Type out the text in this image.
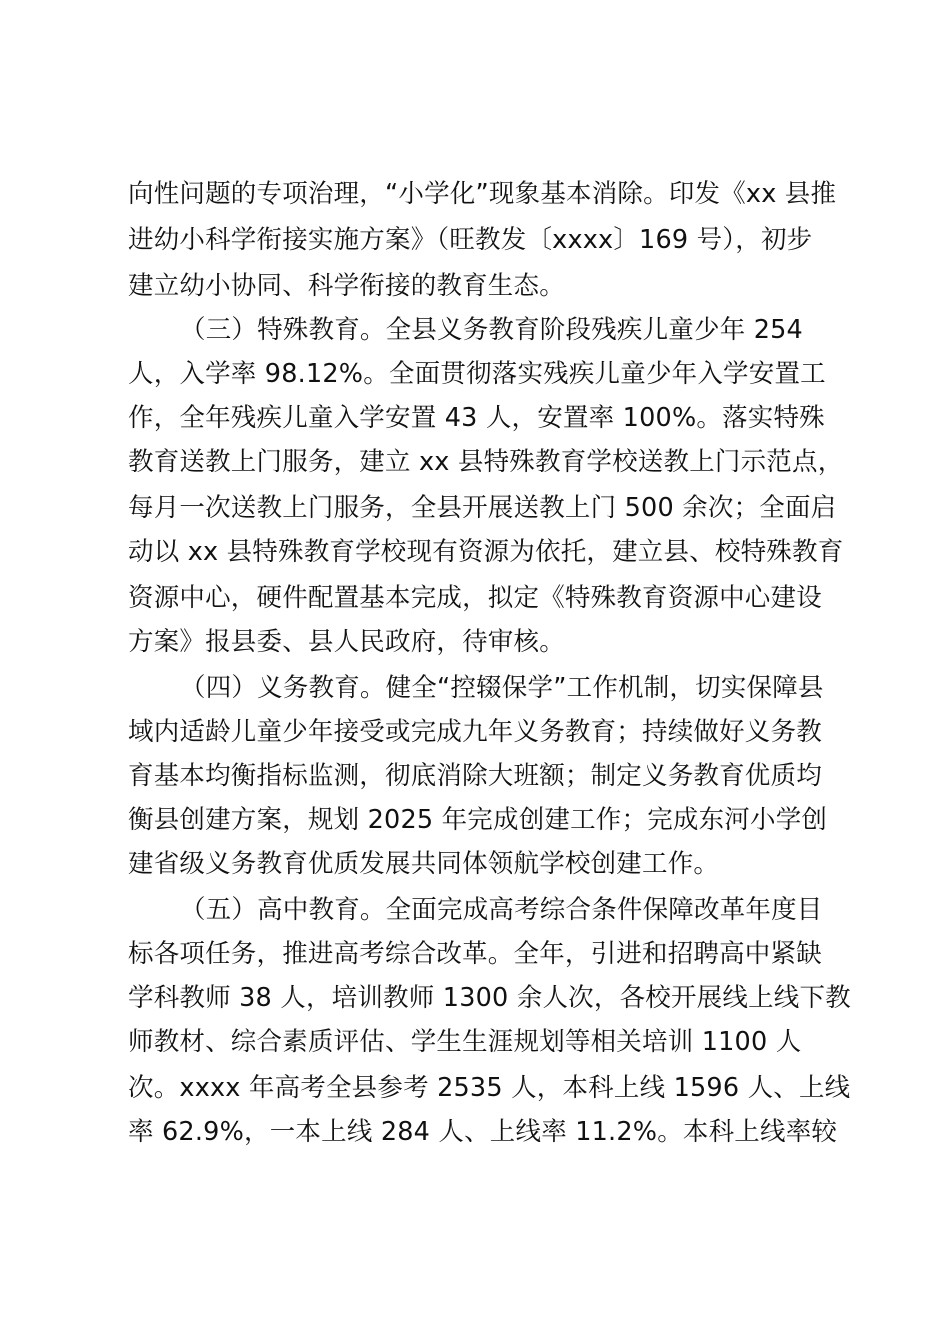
向性问题的专项治理，“小学化”现象基本消除。印发《xx 县推
进幼小科学衔接实施方案》（旺教发〔xxxx〕169 号），初步
建立幼小协同、科学衔接的教育生态。
（三）特殊教育。全县义务教育阶段残疾儿童少年 254
人，入学率 98.12%。全面贯彻落实残疾儿童少年入学安置工
作，全年残疾儿童入学安置 43 人，安置率 100%。落实特殊
教育送教上门服务，建立 xx 县特殊教育学校送教上门示范点，
每月一次送教上门服务，全县开展送教上门 500 余次；全面启
动以 xx 县特殊教育学校现有资源为依托，建立县、校特殊教育
资源中心，硬件配置基本完成，拟定《特殊教育资源中心建设
方案》报县委、县人民政府，待审核。
（四）义务教育。健全“控辍保学”工作机制，切实保障县
域内适龄儿童少年接受或完成九年义务教育；持续做好义务教
育基本均衡指标监测，彻底消除大班额；制定义务教育优质均
衡县创建方案，规划 2025 年完成创建工作；完成东河小学创
建省级义务教育优质发展共同体领航学校创建工作。
（五）高中教育。全面完成高考综合条件保障改革年度目
标各项任务，推进高考综合改革。全年，引进和招聘高中紧缺
学科教师 38 人，培训教师 1300 余人次，各校开展线上线下教
师教材、综合素质评估、学生生涯规划等相关培训 1100 人
次。xxxx 年高考全县参考 2535 人，本科上线 1596 人、上线
率 62.9%，一本上线 284 人、上线率 11.2%。本科上线率较
